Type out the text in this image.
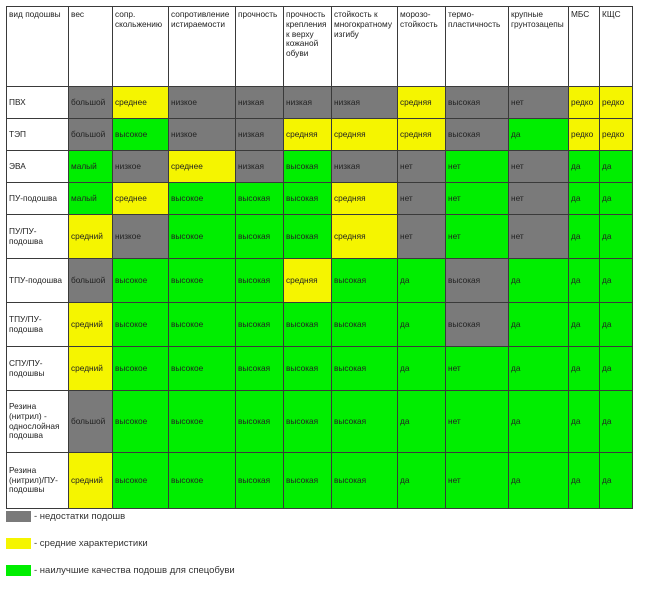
вид подошвы	вес	сопр. скольжению	сопротивление истираемости	прочность	прочность крепления к верху кожаной обуви	стойкость к многократному изгибу	морозо-стойкость	термо-пластичность	крупные грунтозацепы	МБС	КЩС
ПВХ	большой	среднее	низкое	низкая	низкая	низкая	средняя	высокая	нет	редко	редко
ТЭП	большой	высокое	низкое	низкая	средняя	средняя	средняя	высокая	да	редко	редко
ЭВА	малый	низкое	среднее	низкая	высокая	низкая	нет	нет	нет	да	да
ПУ-подошва	малый	среднее	высокое	высокая	высокая	средняя	нет	нет	нет	да	да
ПУ/ПУ-подошва	средний	низкое	высокое	высокая	высокая	средняя	нет	нет	нет	да	да
ТПУ-подошва	большой	высокое	высокое	высокая	средняя	высокая	да	высокая	да	да	да
ТПУ/ПУ-подошва	средний	высокое	высокое	высокая	высокая	высокая	да	высокая	да	да	да
СПУ/ПУ-подошвы	средний	высокое	высокое	высокая	высокая	высокая	да	нет	да	да	да
Резина (нитрил) - однослойная подошва	большой	высокое	высокое	высокая	высокая	высокая	да	нет	да	да	да
Резина (нитрил)/ПУ-подошвы	средний	высокое	высокое	высокая	высокая	высокая	да	нет	да	да	да
- недостатки подошв
- средние характеристики
- наилучшие качества подошв для спецобуви
